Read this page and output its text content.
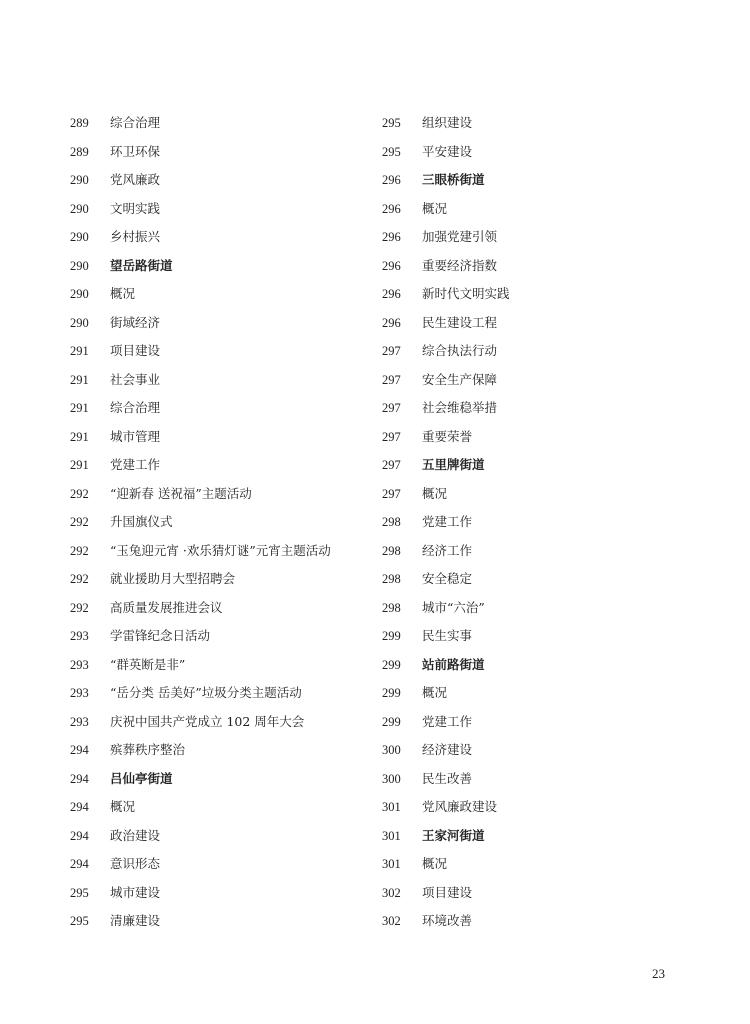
289	综合治理
289	环卫环保
290	党风廉政
290	文明实践
290	乡村振兴
290	望岳路街道
290	概况
290	街域经济
291	项目建设
291	社会事业
291	综合治理
291	城市管理
291	党建工作
292	“迎新春 送祝福”主题活动
292	升国旗仪式
292	“玉兔迎元宵 ·欢乐猜灯谜”元宵主题活动
292	就业援助月大型招聘会
292	高质量发展推进会议
293	学雷锋纪念日活动
293	“群英断是非”
293	“岳分类 岳美好”垃圾分类主题活动
293	庆祝中国共产党成立 102 周年大会
294	殡葬秩序整治
294	吕仙亭街道
294	概况
294	政治建设
294	意识形态
295	城市建设
295	清廉建设
295	组织建设
295	平安建设
296	三眼桥街道
296	概况
296	加强党建引领
296	重要经济指数
296	新时代文明实践
296	民生建设工程
297	综合执法行动
297	安全生产保障
297	社会维稳举措
297	重要荣誉
297	五里牌街道
297	概况
298	党建工作
298	经济工作
298	安全稳定
298	城市“六治”
299	民生实事
299	站前路街道
299	概况
299	党建工作
300	经济建设
300	民生改善
301	党风廉政建设
301	王家河街道
301	概况
302	项目建设
302	环境改善
23
